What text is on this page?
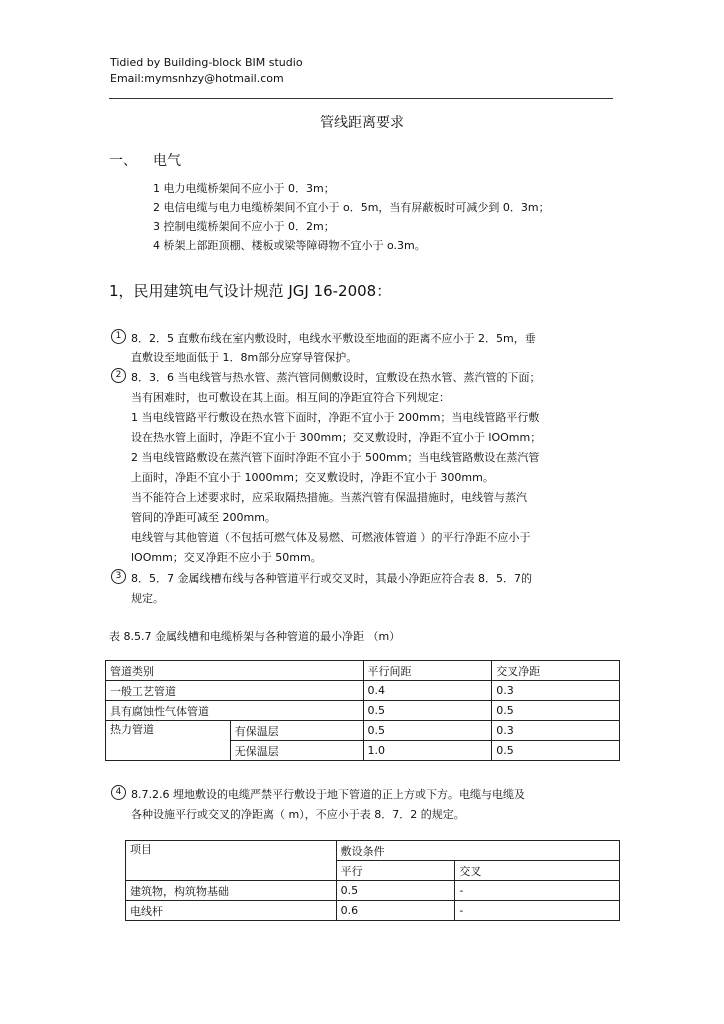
Tidied by Building-block BIM studio
Email:mymsnhzy@hotmail.com
管线距离要求
一、 电气
1 电力电缆桥架间不应小于 0．3m；
2 电信电缆与电力电缆桥架间不宜小于 o．5m，当有屏蔽板时可减少到 0．3m；
3 控制电缆桥架间不应小于 0．2m；
4 桥架上部距顶棚、楼板或梁等障碍物不宜小于 o.3m。
1，民用建筑电气设计规范 JGJ 16-2008：
1 8．2．5 直敷布线在室内敷设时，电线水平敷设至地面的距离不应小于 2．5m，垂
直敷设至地面低于 1．8m部分应穿导管保护。
2 8．3．6 当电线管与热水管、蒸汽管同侧敷设时，宜敷设在热水管、蒸汽管的下面；
当有困难时，也可敷设在其上面。相互间的净距宜符合下列规定：
1 当电线管路平行敷设在热水管下面时，净距不宜小于 200mm；当电线管路平行敷
设在热水管上面时，净距不宜小于 300mm；交叉敷设时，净距不宜小于 lOOmm；
2 当电线管路敷设在蒸汽管下面时净距不宜小于 500mm；当电线管路敷设在蒸汽管
上面时，净距不宜小于 1000mm；交叉敷设时，净距不宜小于 300mm。
当不能符合上述要求时，应采取隔热措施。当蒸汽管有保温措施时，电线管与蒸汽
管间的净距可减至 200mm。
电线管与其他管道（不包括可燃气体及易燃、可燃液体管道 ）的平行净距不应小于
lOOmm；交叉净距不应小于 50mm。
3 8．5．7 金属线槽布线与各种管道平行或交叉时，其最小净距应符合表 8．5．7的
规定。
表 8.5.7 金属线槽和电缆桥架与各种管道的最小净距 （m）
管道类别		平行间距	交叉净距
一般工艺管道		0.4	0.3
具有腐蚀性气体管道		0.5	0.5
热力管道	有保温层	0.5	0.3
	无保温层	1.0	0.5
4 8.7.2.6 埋地敷设的电缆严禁平行敷设于地下管道的正上方或下方。电缆与电缆及
各种设施平行或交叉的净距离（ m），不应小于表 8．7．2 的规定。
项目	敷设条件	
	平行	交叉
建筑物，构筑物基础	0.5	-
电线杆	0.6	-
